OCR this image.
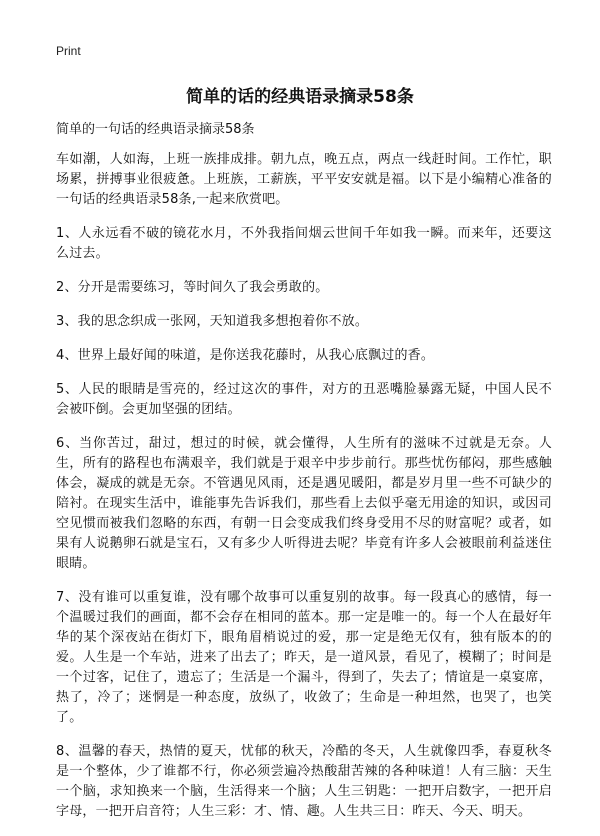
Print
简单的话的经典语录摘录58条

简单的一句话的经典语录摘录58条

车如潮，人如海，上班一族排成排。朝九点，晚五点，两点一线赶时间。工作忙，职场累，拼搏事业很疲惫。上班族，工薪族，平平安安就是福。以下是小编精心准备的一句话的经典语录58条,一起来欣赏吧。

1、人永远看不破的镜花水月，不外我指间烟云世间千年如我一瞬。而来年，还要这么过去。

2、分开是需要练习，等时间久了我会勇敢的。

3、我的思念织成一张网，天知道我多想抱着你不放。

4、世界上最好闻的味道，是你送我花藤时，从我心底飘过的香。

5、人民的眼睛是雪亮的，经过这次的事件，对方的丑恶嘴脸暴露无疑，中国人民不会被吓倒。会更加坚强的团结。

6、当你苦过，甜过，想过的时候，就会懂得，人生所有的滋味不过就是无奈。人生，所有的路程也布满艰辛，我们就是于艰辛中步步前行。那些忧伤郁闷，那些感触体会，凝成的就是无奈。不管遇见风雨，还是遇见暖阳，都是岁月里一些不可缺少的陪衬。在现实生活中，谁能事先告诉我们，那些看上去似乎毫无用途的知识，或因司空见惯而被我们忽略的东西，有朝一日会变成我们终身受用不尽的财富呢？或者，如果有人说鹅卵石就是宝石，又有多少人听得进去呢？毕竟有许多人会被眼前利益迷住眼睛。

7、没有谁可以重复谁，没有哪个故事可以重复别的故事。每一段真心的感情，每一个温暖过我们的画面，都不会存在相同的蓝本。那一定是唯一的。每一个人在最好年华的某个深夜站在街灯下，眼角眉梢说过的爱，那一定是绝无仅有，独有版本的的爱。人生是一个车站，进来了出去了；昨天，是一道风景，看见了，模糊了；时间是一个过客，记住了，遗忘了；生活是一个漏斗，得到了，失去了；情谊是一桌宴席，热了，冷了；迷惘是一种态度，放纵了，收敛了；生命是一种坦然，也哭了，也笑了。

8、温馨的春天，热情的夏天，忧郁的秋天，冷酷的冬天，人生就像四季，春夏秋冬是一个整体，少了谁都不行，你必须尝遍冷热酸甜苦辣的各种味道！人有三脑：天生一个脑，求知换来一个脑，生活得来一个脑；人生三钥匙：一把开启数字，一把开启字母，一把开启音符；人生三彩：才、情、趣。人生共三日：昨天、今天、明天。
